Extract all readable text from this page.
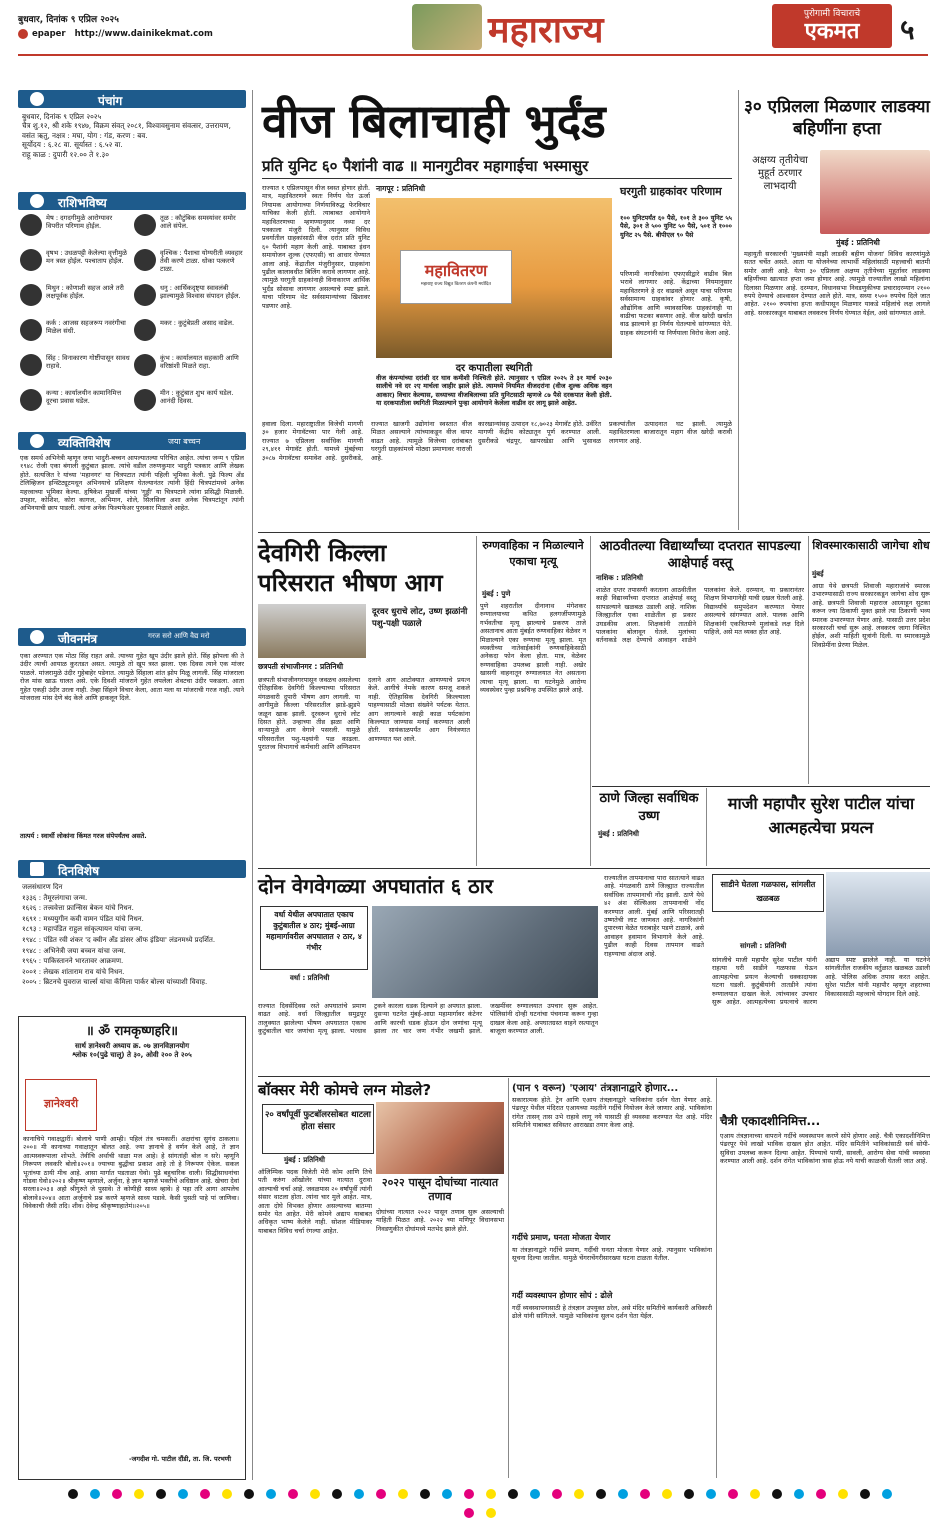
बुधवार, दिनांक ९ एप्रिल २०२५
epaper http://www.dainikekmat.com	महाराज्य	पुरोगामी विचाराचे
एकमत	५
पंचांग
बुधवार, दिनांक ९ एप्रिल २०२५
चैत्र शु.१२, श्री शके १९४७, विक्रम संवत् २०८१, विश्वावसुनाम संवत्सर, उत्तरायण, वसंत ऋतु, नक्षत्र : मघा, योग : गंड, करण : बव.
सूर्योदय : ६.२८ वा. सूर्यास्त : ६.५२ वा.
राहू काळ : दुपारी १२.०० ते १.३०
राशिभविष्य
मेष : दगदगीमुळे आरोग्यावर विपरीत परिणाम होईल.
तूळ : कौटुंबिक समस्यांवर समोर आले संपेल.
वृषभ : उधळपट्टी केलेल्या वृत्तीमुळे मन त्रस्त होईल. पश्चाताप होईल.
वृश्चिक : पैशाचा योग्यरीती व्यवहार तेवी करणे टाळा. धोका पत्करणे टाळा.
मिथुन : कोणाशी सहज आले तरी लक्षपूर्वक होईल.
धनु : आर्थिकदृष्ट्या स्वावलंबी झाल्यामुळे विश्वास संपादन होईल.
कर्क : आजस सहजरूप नवरंगीचा मिळेल संधी.
मकर : कुटुंबेप्रती असाद वाढेल.
सिंह : विनाकारण गोष्टींपासून सावध राहावे.
कुंभ : कार्यालयात सहकारी आणि वरिष्ठांशी मिळते राहा.
कन्या : कार्यालयीन कामानिमित्त दूरचा प्रवास घडेल.
मीन : कुटुंबात शुभ कार्य घडेल. आनंदी दिवस.
व्यक्तिविशेष	जया बच्चन
एक समर्थ अभिनेत्री म्हणून जया भादुरी-बच्चन आपल्यातल्या परिचित आहेत. त्यांचा जन्म ९ एप्रिल १९४८ रोजी एका बंगाली कुटुंबात झाला. त्यांचे वडील तरुणकुमार भादुरी पत्रकार आणि लेखक होते. सत्यजित रे यांच्या 'महानगर' या चित्रपटात त्यांनी पहिली भूमिका केली. पुढे फिल्म अँड टेलिव्हिजन इन्स्टिट्यूटमधून अभिनयाचे प्रशिक्षण घेतल्यानंतर त्यांनी हिंदी चित्रपटांमध्ये अनेक महत्त्वाच्या भूमिका केल्या. हृषिकेश मुखर्जी यांच्या 'गुड्डी' या चित्रपटाने त्यांना प्रसिद्धी मिळाली. उपहार, कोशिश, कोरा कागज, अभिमान, शोले, सिलसिला अशा अनेक चित्रपटांतून त्यांनी अभिनयाची छाप पाडली. त्यांना अनेक फिल्मफेअर पुरस्कार मिळाले आहेत.
जीवनमंत्र	गरज सरो आणि वैद्य मरो
एका अरण्यात एक मोठा सिंह राहत असे. त्याच्या गुहेत खूप उंदीर झाले होते. सिंह झोपला की ते उंदीर त्याची आयाळ कुरतडत असत. त्यामुळे तो खूप त्रस्त झाला. एक दिवस त्याने एक मांजर पाळले. मांजरामुळे उंदीर गुहेबाहेर पडेनात. त्यामुळे सिंहाला शांत झोप मिळू लागली. सिंह मांजराला रोज मांस खाऊ घालत असे. एके दिवशी मांजराने गुहेत लपलेला शेवटचा उंदीर पकडला. आता गुहेत एकही उंदीर उरला नाही. तेव्हा सिंहाने विचार केला, आता मला या मांजराची गरज नाही. त्याने मांजराला मांस देणे बंद केले आणि हाकलून दिले.
तात्पर्य : स्वार्थी लोकांना किंमत गरज संपेपर्यंतच असते.
दिनविशेष
जलसंधारण दिन
१३३६ : तैमूरलंगाचा जन्म.
१६२६ : तत्त्ववेत्ता फ्रान्सिस बेकन यांचे निधन.
१६९१ : मध्ययुगीन कवी वामन पंडित यांचे निधन.
१८९३ : महापंडित राहुल सांकृत्यायन यांचा जन्म.
१९४८ : पंडित रवी शंकर 'द क्वीन अँड डांसर ऑफ इंडिया' लंडनमध्ये प्रदर्शित.
१९४८ : अभिनेत्री जया बच्चन यांचा जन्म.
१९६५ : पाकिस्तानने भारतावर आक्रमण.
२००१ : लेखक शांताराम राव यांचे निधन.
२००५ : ब्रिटनचे युवराज चार्ल्स यांचा कॅमिला पार्कर बोल्स यांच्याशी विवाह.
॥ ॐ रामकृष्णहरि॥
सार्थ ज्ञानेश्वरी अध्याय क्र. ०७ ज्ञानविज्ञानयोग
श्लोक १०(पुढे चालू) ते ३०, ओवी २०० ते २०५
ज्ञानेश्वरी
कानाचिये गवाक्षद्वारीं। बोलाचे पाणी आम्ही। पहिलं तंत्र चमकारीं। अक्षरांचा सुगंध ठाकला॥२००॥ मी कानाच्या गवाक्षातून बोलत आहे. ज्या ज्ञानाचे हे वर्णन केले आहे, ते ज्ञान आत्मस्वरूपाला शोभते. तेवीचि अर्थाची थाळा मज आहे। हे सांगतांही बोल न सरे। म्हणूनि निरूपण लवकरि बोलो॥२०१॥ ज्याच्या बुद्धीचा प्रकाश आहे तो हे निरूपण ऐकेल. सकल भूतांच्या ठायी मीच आहे. आसा मार्गात पडताळा घेवो। पुढे बहुचारिक धाली। सिद्धीसाधनांचा गोडवा घेवो॥२०२॥ श्रीकृष्ण म्हणाले, अर्जुना, हे ज्ञान म्हणजे भक्तीचे अधिष्ठान आहे. खेचरा देवां सरला॥२०३॥ अहो श्रीगुरुते जे पुसावे। ते कोणीही साध्य व्हावे। हे पहा तरि आगा आपलेच बोलावे॥२०४॥ आता अर्जुनाचे प्रश्न करणे म्हणजे साध्य पडावे. कैसी पुसती पाहे पां जाणिवा। विवेकाची जैसी तदि। शीव। देवेन्द्र श्रीकृष्णाहातेमं॥२०५॥
-जगदीश गो. पाटील दौंडी, ता. जि. परभणी
वीज बिलाचाही भुर्दंड
प्रति युनिट ६० पैशांनी वाढ ॥ मानगुटीवर महागाईचा भस्मासुर
राज्यात १ एप्रिलपासून वीज स्वस्त होणार होती. मात्र, महावितरणने स्वतः निर्णय घेत ऊर्जा नियामक आयोगाच्या निर्णयाविरुद्ध फेरविचार याचिका केली होती. त्याबाबत आयोगाने महावितरणच्या म्हणण्यानुसार नव्या दर पत्रकाला मंजुरी दिली. त्यानुसार विविध प्रवर्गातील ग्राहकांसाठी वीज दरांत प्रति युनिट ६० पैशांनी महाग केली आहे. याबाबत इंधन समायोजन शुल्क (एफएसी) चा आधार घेण्यात आला आहे. केंद्रातील मंजुरीनुसार, ग्राहकांना पुढील कालावधीत बिलिंग करावे लागणार आहे. त्यामुळे घरगुती ग्राहकांनाही विनाकारण आर्थिक भुर्दंड सोसावा लागणार असल्याचे स्पष्ट झाले. याचा परिणाम थेट सर्वसामान्यांच्या खिशावर पडणार आहे.
नागपूर : प्रतिनिधी
महावितरण
महाराष्ट्र राज्य विद्युत वितरण कंपनी मर्यादित
दर कपातीला स्थगिती
वीज कंपन्यांच्या दरांशी दर घाव कमीशी निश्चिती होते. त्यानुसार ९ एप्रिल २०२५ ते ३१ मार्च २०३० सालीचे नवे दर २ए मार्चला जाहीर झाले होते. त्यामध्ये नियमित वीजदरांना (वीज शुल्क अधिक वहन आकार) विचार केल्यास, सध्याच्या वीजबिलाच्या प्रति युनिटसाठी म्हणजे ८७ पैसे दरकपात केली होती. या दरकपातीला स्थगिती मिळाल्याने पुन्हा आयोगाने केलेला वाढीव दर लागू झाले आहेत.
घरगुती ग्राहकांवर परिणाम
१०० युनिटपर्यंत ६० पैसे, १०१ ते ३०० युनिट ५५ पैसे, ३०१ ते ५०० युनिट ५० पैसे, ५०१ ते १००० युनिट २५ पैसे. बीपीएल ९० पैसे
परिणामी नागरिकांना एफएसीद्वारे वाढीव बिल भरावे लागणार आहे. केंद्राच्या नियमानुसार महावितरणने हे दर वाढवले असून याचा परिणाम सर्वसामान्य ग्राहकांवर होणार आहे. कृषी, औद्योगिक आणि व्यावसायिक ग्राहकांनाही या वाढीचा फटका बसणार आहे. वीज खरेदी खर्चात वाढ झाल्याने हा निर्णय घेतल्याचे सांगण्यात येते. ग्राहक संघटनांनी या निर्णयाला विरोध केला आहे.
हवाला दिला. महाराष्ट्रातील विजेची मागणी ३० हजार मेगावॅटच्या पार गेली आहे. राज्यात ७ एप्रिलला सर्वाधिक मागणी २९,४११ मेगावॅट होती. यामध्ये मुंबईच्या ३०८७ मेगावॅटचा समावेश आहे. दुसरीकडे, राज्यात खाजगी उद्योगांना स्वस्तात वीज मिळत असल्याने त्यांच्याकडून वीज वापर वाढत आहे. त्यामुळे विजेच्या दरांबाबत घरगुती ग्राहकांमध्ये मोठ्या प्रमाणावर नाराजी आहे.
कारखान्यांसह उत्पादन १८,७०२३ मेगावॅट होते. उर्वरित मागणी केंद्रीय कोट्यातून पूर्ण करण्यात आली. दुसरीकडे चंद्रपूर, खापरखेडा आणि भुसावळ प्रकल्पांतील उत्पादनात घट झाली. त्यामुळे महावितरणला बाजारातून महाग वीज खरेदी करावी लागणार आहे.
३० एप्रिलला मिळणार लाडक्या बहिणींना हप्ता
अक्षय्य तृतीयेचा मुहूर्त ठरणार लाभदायी
मुंबई : प्रतिनिधी
महायुती सरकारची 'मुख्यमंत्री माझी लाडकी बहीण योजना' विविध कारणांमुळे सतत चर्चेत असते. आता या योजनेच्या लाभार्थी महिलांसाठी महत्त्वाची बातमी समोर आली आहे. येत्या ३० एप्रिलला अक्षय्य तृतीयेच्या मुहूर्तावर लाडक्या बहिणींच्या खात्यात हप्ता जमा होणार आहे. त्यामुळे राज्यातील लाखो महिलांना दिलासा मिळणार आहे. दरम्यान, विधानसभा निवडणुकीच्या प्रचारादरम्यान २१०० रुपये देण्याचे आश्वासन देण्यात आले होते. मात्र, सध्या १५०० रुपयेच दिले जात आहेत. २१०० रुपयांचा हप्ता कधीपासून मिळणार याकडे महिलांचे लक्ष लागले आहे. सरकारकडून याबाबत लवकरच निर्णय घेण्यात येईल, असे सांगण्यात आले.
देवगिरी किल्ला परिसरात भीषण आग
दूरवर धुराचे लोट, उष्ण झळांनी पशु-पक्षी पळाले
छत्रपती संभाजीनगर : प्रतिनिधी
छत्रपती संभाजीनगरपासून जवळच असलेल्या ऐतिहासिक देवगिरी किल्ल्याच्या परिसरात मंगळवारी दुपारी भीषण आग लागली. या आगीमुळे किल्ला परिसरातील झाडे-झुडपे जळून खाक झाली. दूरवरून धुराचे लोट दिसत होते. उन्हाच्या तीव्र झळा आणि वाऱ्यामुळे आग वेगाने पसरली. यामुळे परिसरातील पशु-पक्ष्यांनी पळ काढला. पुरातत्त्व विभागाचे कर्मचारी आणि अग्निशमन दलाने आग आटोक्यात आणण्याचे प्रयत्न केले. आगीचे नेमके कारण समजू शकले नाही. ऐतिहासिक देवगिरी किल्ल्याला पाहण्यासाठी मोठ्या संख्येने पर्यटक येतात. आग लागल्याने काही काळ पर्यटकांना किल्ल्यात जाण्यास मनाई करण्यात आली होती. सायंकाळपर्यंत आग नियंत्रणात आणण्यात यश आले.
रुग्णवाहिका न मिळाल्याने एकाचा मृत्यू
मुंबई : पुणे
पुणे शहरातील दीनानाथ मंगेशकर रुग्णालयाच्या कथित हलगर्जीपणामुळे गर्भवतीचा मृत्यू झाल्याचे प्रकरण ताजे असतानाच आता मुंबईत रुग्णवाहिका वेळेवर न मिळाल्याने एका रुग्णाचा मृत्यू झाला. मृत व्यक्तीच्या नातेवाईकांनी रुग्णवाहिकेसाठी अनेकदा फोन केला होता. मात्र, वेळेवर रुग्णवाहिका उपलब्ध झाली नाही. अखेर खासगी वाहनातून रुग्णालयात नेत असताना त्याचा मृत्यू झाला. या घटनेमुळे आरोग्य व्यवस्थेवर पुन्हा प्रश्नचिन्ह उपस्थित झाले आहे.
आठवीतल्या विद्यार्थ्यांच्या दप्तरात सापडल्या आक्षेपार्ह वस्तू
नाशिक : प्रतिनिधी
शाळेत दप्तर तपासणी करताना आठवीतील काही विद्यार्थ्यांच्या दप्तरात आक्षेपार्ह वस्तू सापडल्याने खळबळ उडाली आहे. नाशिक जिल्ह्यातील एका शाळेतील हा प्रकार उघडकीस आला. शिक्षकांनी तातडीने पालकांना बोलावून घेतले. मुलांच्या वर्तनाकडे लक्ष देण्याचे आवाहन शाळेने पालकांना केले. दरम्यान, या प्रकारानंतर शिक्षण विभागानेही याची दखल घेतली आहे. विद्यार्थ्यांचे समुपदेशन करण्यात येणार असल्याचे सांगण्यात आले. पालक आणि शिक्षकांनी एकत्रितपणे मुलांकडे लक्ष दिले पाहिजे, असे मत व्यक्त होत आहे.
शिवस्मारकासाठी जागेचा शोध
मुंबई
आग्रा येथे छत्रपती शिवाजी महाराजांचे स्मारक उभारण्यासाठी राज्य सरकारकडून जागेचा शोध सुरू आहे. छत्रपती शिवाजी महाराज आग्र्याहून सुटका करून ज्या ठिकाणी मुक्त झाले त्या ठिकाणी भव्य स्मारक उभारण्यात येणार आहे. यासाठी उत्तर प्रदेश सरकारशी चर्चा सुरू आहे. लवकरच जागा निश्चित होईल, अशी माहिती सूत्रांनी दिली. या स्मारकामुळे शिवप्रेमींना प्रेरणा मिळेल.
ठाणे जिल्हा सर्वाधिक उष्ण
मुंबई : प्रतिनिधी
माजी महापौर सुरेश पाटील यांचा आत्महत्येचा प्रयत्न
दोन वेगवेगळ्या अपघातांत ६ ठार
वर्धा येथील अपघातात एकाच कुटुंबातील ४ ठार; मुंबई-आग्रा महामार्गावरील अपघातात २ ठार, ४ गंभीर
वर्धा : प्रतिनिधी
राज्यात दिवसेंदिवस रस्ते अपघातांचे प्रमाण वाढत आहे. वर्धा जिल्ह्यातील समुद्रपूर तालुक्यात झालेल्या भीषण अपघातात एकाच कुटुंबातील चार जणांचा मृत्यू झाला. भरधाव ट्रकने कारला धडक दिल्याने हा अपघात झाला. दुसऱ्या घटनेत मुंबई-आग्रा महामार्गावर कंटेनर आणि कारची धडक होऊन दोन जणांचा मृत्यू झाला तर चार जण गंभीर जखमी झाले. जखमींवर रुग्णालयात उपचार सुरू आहेत. पोलिसांनी दोन्ही घटनांचा पंचनामा करून गुन्हा दाखल केला आहे. अपघातग्रस्त वाहने रस्त्यातून बाजूला करण्यात आली.
राज्यातील तापमानाचा पारा सातत्याने वाढत आहे. मंगळवारी ठाणे जिल्ह्यात राज्यातील सर्वाधिक तापमानाची नोंद झाली. ठाणे येथे ४२ अंश सेल्सिअस तापमानाची नोंद करण्यात आली. मुंबई आणि परिसरातही उष्णतेची लाट जाणवत आहे. नागरिकांनी दुपारच्या वेळेत घराबाहेर पडणे टाळावे, असे आवाहन हवामान विभागाने केले आहे. पुढील काही दिवस तापमान वाढते राहण्याचा अंदाज आहे.
साडीने घेतला गळफास, सांगलीत खळबळ
सांगली : प्रतिनिधी
सांगलीचे माजी महापौर सुरेश पाटील यांनी राहत्या घरी साडीने गळफास घेऊन आत्महत्येचा प्रयत्न केल्याची धक्कादायक घटना घडली. कुटुंबीयांनी तातडीने त्यांना रुग्णालयात दाखल केले. त्यांच्यावर उपचार सुरू आहेत. आत्महत्येच्या प्रयत्नाचे कारण अद्याप स्पष्ट झालेले नाही. या घटनेने सांगलीतील राजकीय वर्तुळात खळबळ उडाली आहे. पोलिस अधिक तपास करत आहेत. सुरेश पाटील यांनी महापौर म्हणून शहराच्या विकासासाठी महत्त्वाचे योगदान दिले आहे.
बॉक्सर मेरी कोमचे लग्न मोडले?
२० वर्षांपूर्वी फुटबॉलरसोबत थाटला होता संसार
मुंबई : प्रतिनिधी
ऑलिम्पिक पदक विजेती मेरी कोम आणि तिचे पती करुंग ओंखोलेर यांच्या नात्यात दुरावा आल्याची चर्चा आहे. जवळपास २० वर्षांपूर्वी त्यांनी संसार थाटला होता. त्यांना चार मुले आहेत. मात्र, आता दोघे विभक्त होणार असल्याच्या बातम्या समोर येत आहेत. मेरी कोमने अद्याप याबाबत अधिकृत भाष्य केलेले नाही. सोशल मीडियावर याबाबत विविध चर्चा रंगल्या आहेत.
२०२२ पासून दोघांच्या नात्यात तणाव
दोघांच्या नात्यात २०२२ पासून तणाव सुरू असल्याची माहिती मिळत आहे. २०२२ च्या मणिपूर विधानसभा निवडणुकीत दोघांमध्ये मतभेद झाले होते.
(पान ९ वरून) 'एआय' तंत्रज्ञानाद्वारे होणार...
सकारात्मक होते. ट्रेन आणि एआय तंत्रज्ञानाद्वारे भाविकांना दर्शन घेता येणार आहे. पंढरपूर येथील मंदिरात एआयच्या मदतीने गर्दीचे नियोजन केले जाणार आहे. भाविकांना रांगेत तासन् तास उभे राहावे लागू नये यासाठी ही व्यवस्था करण्यात येत आहे. मंदिर समितीने याबाबत सविस्तर आराखडा तयार केला आहे.
गर्दीचे प्रमाण, घनता मोजता येणार
या तंत्रज्ञानाद्वारे गर्दीचे प्रमाण, गर्दीची घनता मोजता येणार आहे. त्यानुसार भाविकांना सूचना दिल्या जातील. यामुळे चेंगराचेंगरीसारख्या घटना टाळता येतील.
गर्दी व्यवस्थापन होणार सोपं : ढोले
गर्दी व्यवस्थापनासाठी हे तंत्रज्ञान उपयुक्त ठरेल, असे मंदिर समितीचे कार्यकारी अधिकारी ढोले यांनी सांगितले. यामुळे भाविकांना सुलभ दर्शन घेता येईल.
चैत्री एकादशीनिमित्त...
एआय तंत्रज्ञानाच्या वापराने गर्दीचे व्यवस्थापन करणे सोपे होणार आहे. चैत्री एकादशीनिमित्त पंढरपूर येथे लाखो भाविक दाखल होत आहेत. मंदिर समितीने भाविकांसाठी सर्व सोयी-सुविधा उपलब्ध करून दिल्या आहेत. पिण्याचे पाणी, सावली, आरोग्य सेवा यांची व्यवस्था करण्यात आली आहे. दर्शन रांगेत भाविकांना त्रास होऊ नये याची काळजी घेतली जात आहे.
